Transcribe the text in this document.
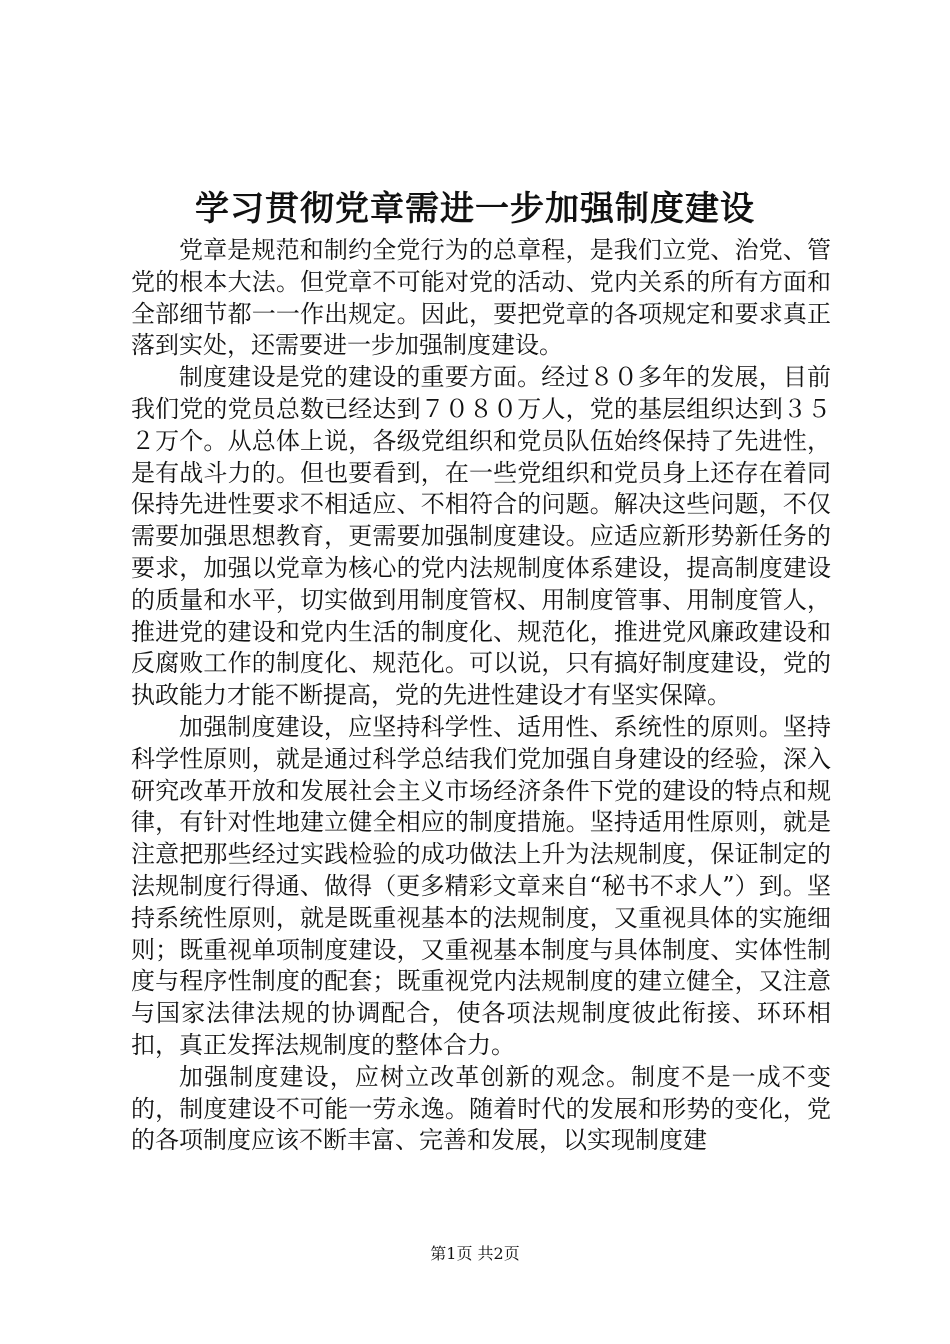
学习贯彻党章需进一步加强制度建设

党章是规范和制约全党行为的总章程，是我们立党、治党、管党的根本大法。但党章不可能对党的活动、党内关系的所有方面和全部细节都一一作出规定。因此，要把党章的各项规定和要求真正落到实处，还需要进一步加强制度建设。

制度建设是党的建设的重要方面。经过８０多年的发展，目前我们党的党员总数已经达到７０８０万人，党的基层组织达到３５２万个。从总体上说，各级党组织和党员队伍始终保持了先进性，是有战斗力的。但也要看到，在一些党组织和党员身上还存在着同保持先进性要求不相适应、不相符合的问题。解决这些问题，不仅需要加强思想教育，更需要加强制度建设。应适应新形势新任务的要求，加强以党章为核心的党内法规制度体系建设，提高制度建设的质量和水平，切实做到用制度管权、用制度管事、用制度管人，推进党的建设和党内生活的制度化、规范化，推进党风廉政建设和反腐败工作的制度化、规范化。可以说，只有搞好制度建设，党的执政能力才能不断提高，党的先进性建设才有坚实保障。

加强制度建设，应坚持科学性、适用性、系统性的原则。坚持科学性原则，就是通过科学总结我们党加强自身建设的经验，深入研究改革开放和发展社会主义市场经济条件下党的建设的特点和规律，有针对性地建立健全相应的制度措施。坚持适用性原则，就是注意把那些经过实践检验的成功做法上升为法规制度，保证制定的法规制度行得通、做得（更多精彩文章来自“秘书不求人”）到。坚持系统性原则，就是既重视基本的法规制度，又重视具体的实施细则；既重视单项制度建设，又重视基本制度与具体制度、实体性制度与程序性制度的配套；既重视党内法规制度的建立健全，又注意与国家法律法规的协调配合，使各项法规制度彼此衔接、环环相扣，真正发挥法规制度的整体合力。

加强制度建设，应树立改革创新的观念。制度不是一成不变的，制度建设不可能一劳永逸。随着时代的发展和形势的变化，党的各项制度应该不断丰富、完善和发展，以实现制度建

第1页 共2页
